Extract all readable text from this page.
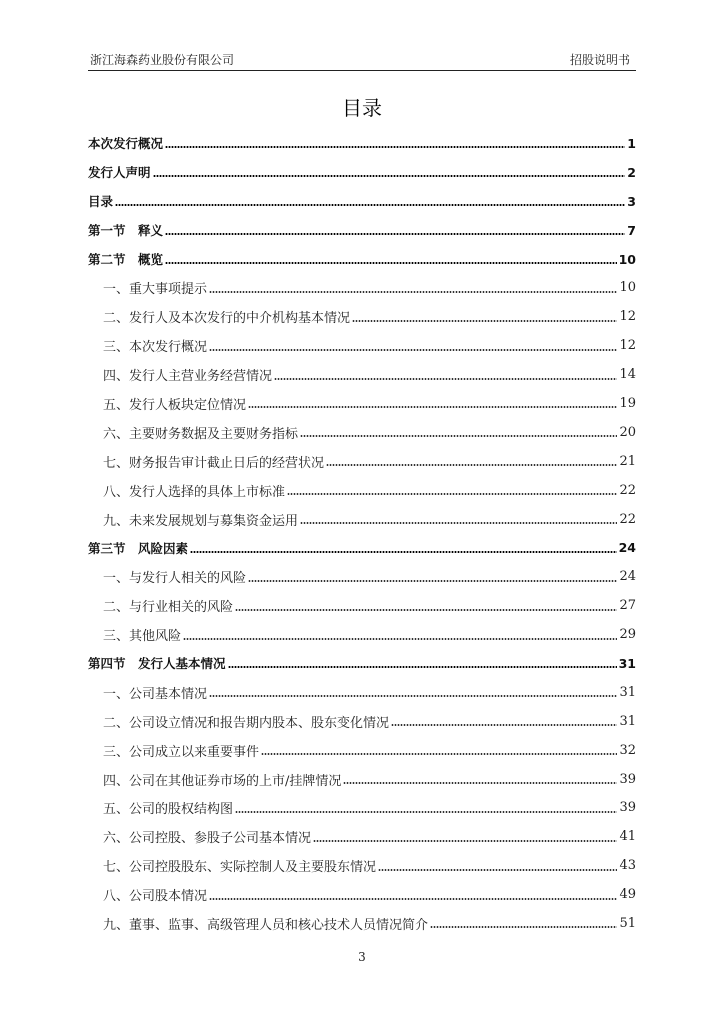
浙江海森药业股份有限公司	招股说明书
目录
本次发行概况	1
发行人声明	2
目录	3
第一节　释义	7
第二节　概览	10
一、重大事项提示	10
二、发行人及本次发行的中介机构基本情况	12
三、本次发行概况	12
四、发行人主营业务经营情况	14
五、发行人板块定位情况	19
六、主要财务数据及主要财务指标	20
七、财务报告审计截止日后的经营状况	21
八、发行人选择的具体上市标准	22
九、未来发展规划与募集资金运用	22
第三节　风险因素	24
一、与发行人相关的风险	24
二、与行业相关的风险	27
三、其他风险	29
第四节　发行人基本情况	31
一、公司基本情况	31
二、公司设立情况和报告期内股本、股东变化情况	31
三、公司成立以来重要事件	32
四、公司在其他证券市场的上市/挂牌情况	39
五、公司的股权结构图	39
六、公司控股、参股子公司基本情况	41
七、公司控股股东、实际控制人及主要股东情况	43
八、公司股本情况	49
九、董事、监事、高级管理人员和核心技术人员情况简介	51
3
